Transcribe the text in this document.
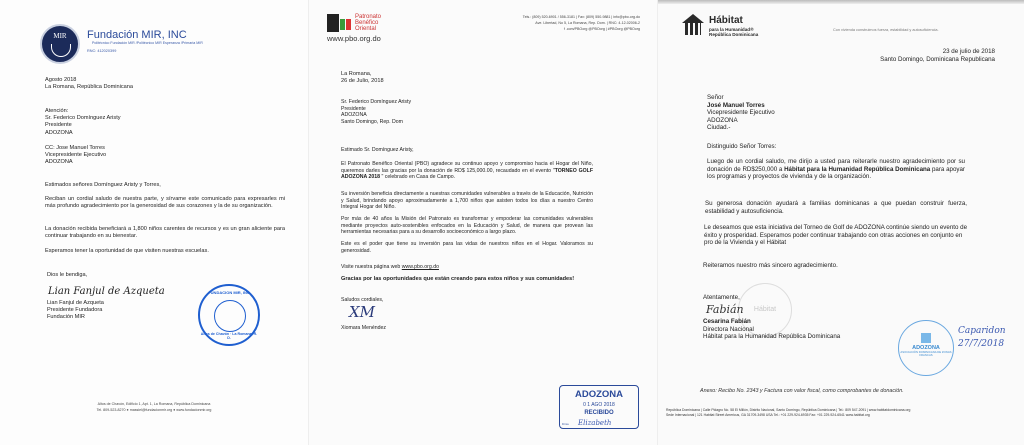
MIR	Fundación MIR, INC
Politécnico Fundación MIR /Politécnico MIR Esperanza /Primaria MIR
RNC: 412020399
Agosto 2018
La Romana, República Dominicana
Atención:
Sr. Federico Domínguez Aristy
Presidente
ADOZONA
CC: Jose Manuel Torres
Vicepresidente Ejecutivo
ADOZONA
Estimados señores Domínguez Aristy y Torres,
Reciban un cordial saludo de nuestra parte, y sírvame este comunicado para expresarles mi más profundo agradecimiento por la generosidad de sus corazones y la de su organización.
La donación recibida beneficiará a 1,800 niños carentes de recursos y es un gran aliciente para continuar trabajando en su bienestar.
Esperamos tener la oportunidad de que visiten nuestras escuelas.
Dios le bendiga,
Lian Fanjul de Azqueta
Lian Fanjul de Azqueta
Presidente Fundadora
Fundación MIR
FUNDACION MIR, INC
Altos de Chavón · La Romana, R. D.
Altos de Chavón, Edificio 1, Apt. 1, La Romana, República Dominicana
Tel. 809-523-8270 ● massiel@fundacionmir.org ● www.fundacionmir.org
Patronato Benéfico Oriental
www.pbo.org.do
Tels.: (809) 520-6901 / 556-3181 | Fax: (809) 550-9881 | info@pbo.org.do
Ave. Libertad, No 5, La Romana, Rep. Dom. | RNC: 4-12-02006-2
f .com/PBOorg @PBOorg | #PBOorg @PBOorg
La Romana,
26 de Julio, 2018
Sr. Federico Domínguez Aristy
Presidente
ADOZONA
Santo Domingo, Rep. Dom
Estimado Sr. Domínguez Aristy,
El Patronato Benéfico Oriental (PBO) agradece su continuo apoyo y compromiso hacia el Hogar del Niño, queremos darles las gracias por la donación de RD$ 125,000.00, recaudado en el evento "TORNEO GOLF ADOZONA 2018 " celebrado en Casa de Campo.
Su inversión beneficia directamente a nuestras comunidades vulnerables a través de la Educación, Nutrición y Salud, brindando apoyo aproximadamente a 1,700 niños que asisten todos los días a nuestro Centro Integral Hogar del Niño.
Por más de 40 años la Misión del Patronato es transformar y empoderar las comunidades vulnerables mediante proyectos auto-sostenibles enfocados en la Educación y Salud, de manera que provean las herramientas necesarias para a su desarrollo socioeconómico a largo plazo.
Este es el poder que tiene su inversión para las vidas de nuestros niños en el Hogar. Valoramos su generosidad.
Visite nuestra página web www.pbo.org.do
Gracias por las oportunidades que están creando para estos niños y sus comunidades!
Saludos cordiales,
XM
Xiomara Menéndez
ADOZONA
0 1 AGO 2018
RECIBIDO
Elizabeth
Firma
Hábitat
para la Humanidad®
República Dominicana
Con vivienda construimos fuerza, estabilidad y autosuficiencia.
23 de julio de 2018
Santo Domingo, Dominicana Republicana
Señor
José Manuel Torres
Vicepresidente Ejecutivo
ADOZONA
Ciudad.-
Distinguido Señor Torres:
Luego de un cordial saludo, me dirijo a usted para reiterarle nuestro agradecimiento por su donación de RD$250,000 a Hábitat para la Humanidad República Dominicana para apoyar los programas y proyectos de vivienda y de la organización.
Su generosa donación ayudará a familias dominicanas a que puedan construir fuerza, estabilidad y autosuficiencia.
Le deseamos que esta iniciativa del Torneo de Golf de ADOZONA continúe siendo un evento de éxito y prosperidad. Esperamos poder continuar trabajando con otras acciones en conjunto en pro de la Vivienda y el Hábitat
Reiteramos nuestro más sincero agradecimiento.
Atentamente,
Hábitat
Fabián
Cesarina Fabián
Directora Nacional
Hábitat para la Humanidad República Dominicana
ADOZONA
ASOCIACIÓN DOMINICANA DE ZONAS FRANCAS
Caparidon
27/7/2018
Anexo: Recibo No. 2343 y Factura con valor fiscal, como comprobantes de donación.
República Dominicana | Calle Pidagro No. 58 El Millón, Distrito Nacional, Santo Domingo, República Dominicana | Tel.: 809 547-2091 | www.habitatdominicana.org
Sede Internacional | 121 Habitat Street Americus, GA 31709-3498 USA Tel.: +01 229-924-6935 Fax: +01 229-924-6541 www.habitat.org
